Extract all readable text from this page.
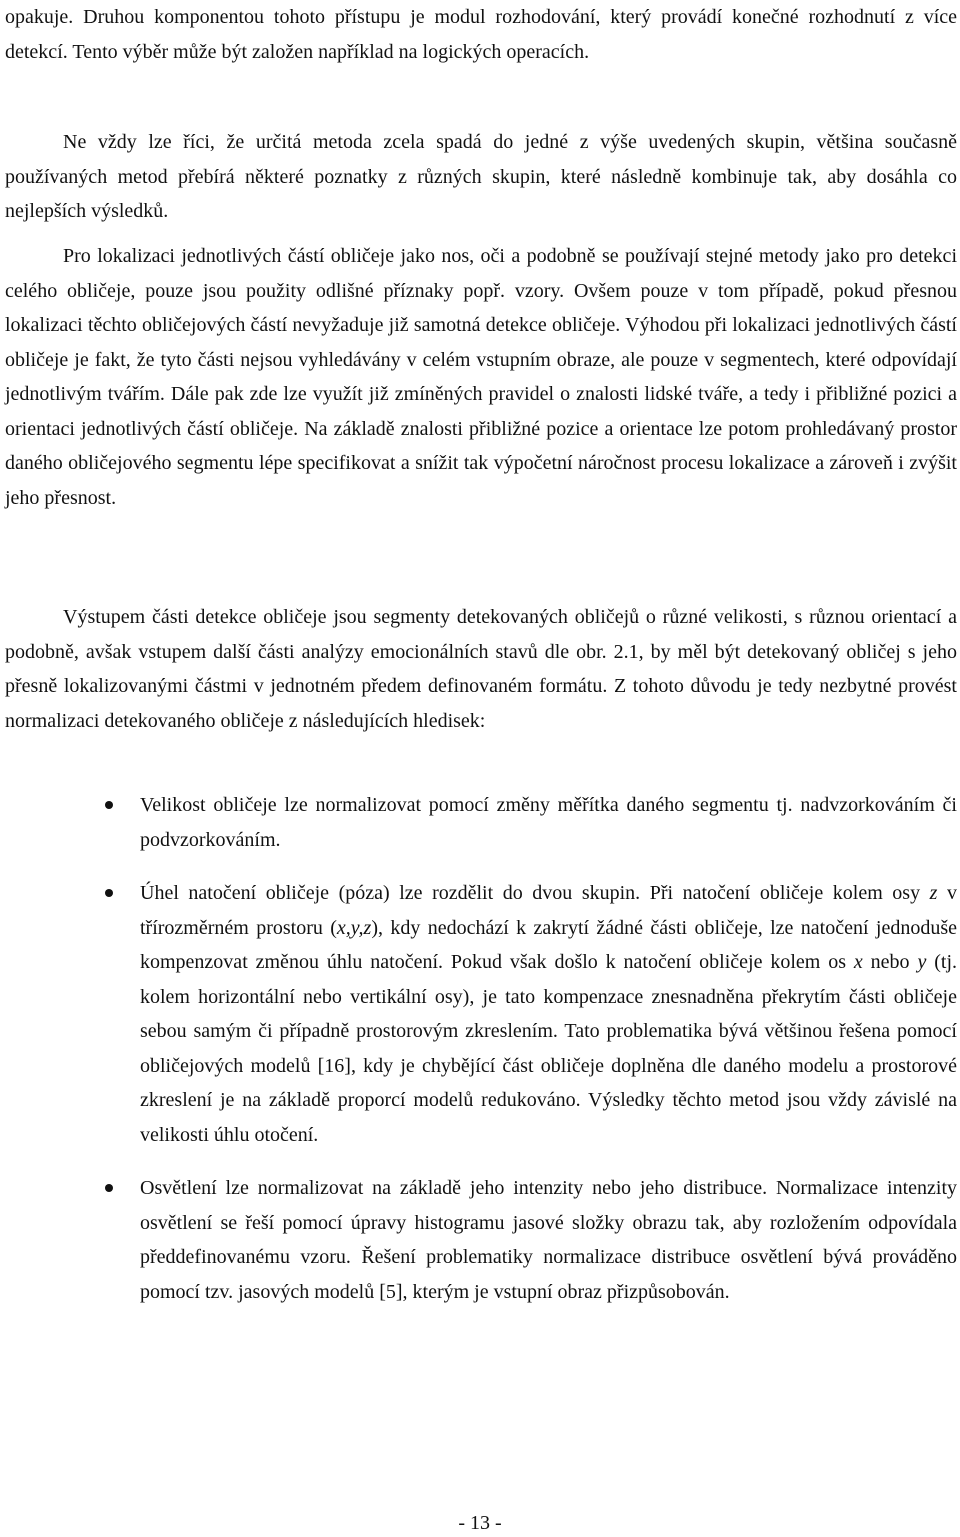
opakuje. Druhou komponentou tohoto přístupu je modul rozhodování, který provádí konečné rozhodnutí z více detekcí. Tento výběr může být založen například na logických operacích.

Ne vždy lze říci, že určitá metoda zcela spadá do jedné z výše uvedených skupin, většina současně používaných metod přebírá některé poznatky z různých skupin, které následně kombinuje tak, aby dosáhla co nejlepších výsledků.

Pro lokalizaci jednotlivých částí obličeje jako nos, oči a podobně se používají stejné metody jako pro detekci celého obličeje, pouze jsou použity odlišné příznaky popř. vzory. Ovšem pouze v tom případě, pokud přesnou lokalizaci těchto obličejových částí nevyžaduje již samotná detekce obličeje. Výhodou při lokalizaci jednotlivých částí obličeje je fakt, že tyto části nejsou vyhledávány v celém vstupním obraze, ale pouze v segmentech, které odpovídají jednotlivým tvářím. Dále pak zde lze využít již zmíněných pravidel o znalosti lidské tváře, a tedy i přibližné pozici a orientaci jednotlivých částí obličeje. Na základě znalosti přibližné pozice a orientace lze potom prohledávaný prostor daného obličejového segmentu lépe specifikovat a snížit tak výpočetní náročnost procesu lokalizace a zároveň i zvýšit jeho přesnost.

Výstupem části detekce obličeje jsou segmenty detekovaných obličejů o různé velikosti, s různou orientací a podobně, avšak vstupem další části analýzy emocionálních stavů dle obr. 2.1, by měl být detekovaný obličej s jeho přesně lokalizovanými částmi v jednotném předem definovaném formátu. Z tohoto důvodu je tedy nezbytné provést normalizaci detekovaného obličeje z následujících hledisek:

Velikost obličeje lze normalizovat pomocí změny měřítka daného segmentu tj. nadvzorkováním či podvzorkováním.
Úhel natočení obličeje (póza) lze rozdělit do dvou skupin. Při natočení obličeje kolem osy z v třírozměrném prostoru (x,y,z), kdy nedochází k zakrytí žádné části obličeje, lze natočení jednoduše kompenzovat změnou úhlu natočení. Pokud však došlo k natočení obličeje kolem os x nebo y (tj. kolem horizontální nebo vertikální osy), je tato kompenzace znesnadněna překrytím části obličeje sebou samým či případně prostorovým zkreslením. Tato problematika bývá většinou řešena pomocí obličejových modelů [16], kdy je chybějící část obličeje doplněna dle daného modelu a prostorové zkreslení je na základě proporcí modelů redukováno. Výsledky těchto metod jsou vždy závislé na velikosti úhlu otočení.
Osvětlení lze normalizovat na základě jeho intenzity nebo jeho distribuce. Normalizace intenzity osvětlení se řeší pomocí úpravy histogramu jasové složky obrazu tak, aby rozložením odpovídala předdefinovanému vzoru. Řešení problematiky normalizace distribuce osvětlení bývá prováděno pomocí tzv. jasových modelů [5], kterým je vstupní obraz přizpůsobován.
- 13 -
